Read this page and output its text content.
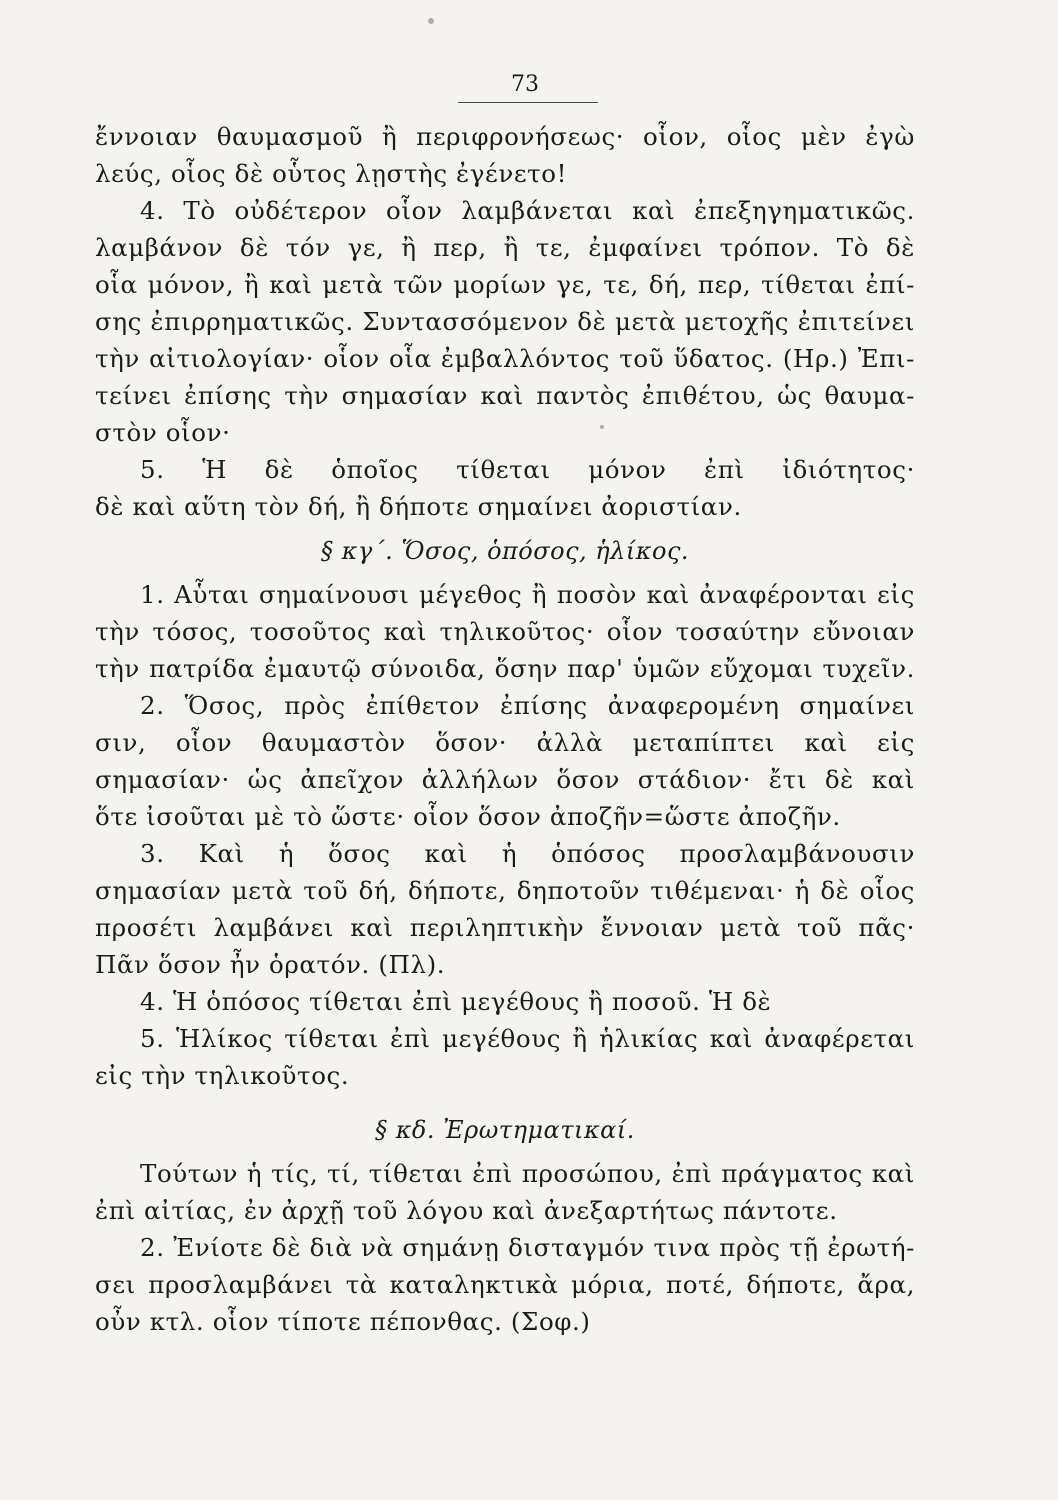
73
ἔννοιαν θαυμασμοῦ ἢ περιφρονήσεως· οἷον, οἷος μὲν ἐγὼ
λεύς, οἷος δὲ οὗτος λῃστὴς ἐγένετο!
4. Τὸ οὐδέτερον οἷον λαμβάνεται καὶ ἐπεξηγηματικῶς.
λαμβάνον δὲ τόν γε, ἢ περ, ἢ τε, ἐμφαίνει τρόπον. Τὸ δὲ
οἷα μόνον, ἢ καὶ μετὰ τῶν μορίων γε, τε, δή, περ, τίθεται ἐπί-
σης ἐπιρρηματικῶς. Συντασσόμενον δὲ μετὰ μετοχῆς ἐπιτείνει
τὴν αἰτιολογίαν· οἷον οἷα ἐμβαλλόντος τοῦ ὕδατος. (Ηρ.) Ἐπι-
τείνει ἐπίσης τὴν σημασίαν καὶ παντὸς ἐπιθέτου, ὡς θαυμα-
στὸν οἷον·
5. Ἡ δὲ ὁποῖος τίθεται μόνον ἐπὶ ἰδιότητος·
δὲ καὶ αὕτη τὸν δή, ἢ δήποτε σημαίνει ἀοριστίαν.
§ κγ΄. Ὅσος, ὁπόσος, ἡλίκος.
1. Αὗται σημαίνουσι μέγεθος ἢ ποσὸν καὶ ἀναφέρονται εἰς
τὴν τόσος, τοσοῦτος καὶ τηλικοῦτος· οἷον τοσαύτην εὔνοιαν
τὴν πατρίδα ἐμαυτῷ σύνοιδα, ὅσην παρ' ὑμῶν εὔχομαι τυχεῖν.
2. Ὅσος, πρὸς ἐπίθετον ἐπίσης ἀναφερομένη σημαίνει
σιν, οἷον θαυμαστὸν ὅσον· ἀλλὰ μεταπίπτει καὶ εἰς
σημασίαν· ὡς ἀπεῖχον ἀλλήλων ὅσον στάδιον· ἔτι δὲ καὶ
ὅτε ἰσοῦται μὲ τὸ ὥστε· οἷον ὅσον ἀποζῆν=ὥστε ἀποζῆν.
3. Καὶ ἡ ὅσος καὶ ἡ ὁπόσος προσλαμβάνουσιν
σημασίαν μετὰ τοῦ δή, δήποτε, δηποτοῦν τιθέμεναι· ἡ δὲ οἷος
προσέτι λαμβάνει καὶ περιληπτικὴν ἔννοιαν μετὰ τοῦ πᾶς·
Πᾶν ὅσον ἦν ὁρατόν. (Πλ).
4. Ἡ ὁπόσος τίθεται ἐπὶ μεγέθους ἢ ποσοῦ. Ἡ δὲ
5. Ἡλίκος τίθεται ἐπὶ μεγέθους ἢ ἡλικίας καὶ ἀναφέρεται
εἰς τὴν τηλικοῦτος.
§ κδ. Ἐρωτηματικαί.
Τούτων ἡ τίς, τί, τίθεται ἐπὶ προσώπου, ἐπὶ πράγματος καὶ
ἐπὶ αἰτίας, ἐν ἀρχῇ τοῦ λόγου καὶ ἀνεξαρτήτως πάντοτε.
2. Ἐνίοτε δὲ διὰ νὰ σημάνῃ δισταγμόν τινα πρὸς τῇ ἐρωτή-
σει προσλαμβάνει τὰ καταληκτικὰ μόρια, ποτέ, δήποτε, ἄρα,
οὖν κτλ. οἷον τίποτε πέπονθας. (Σοφ.)
